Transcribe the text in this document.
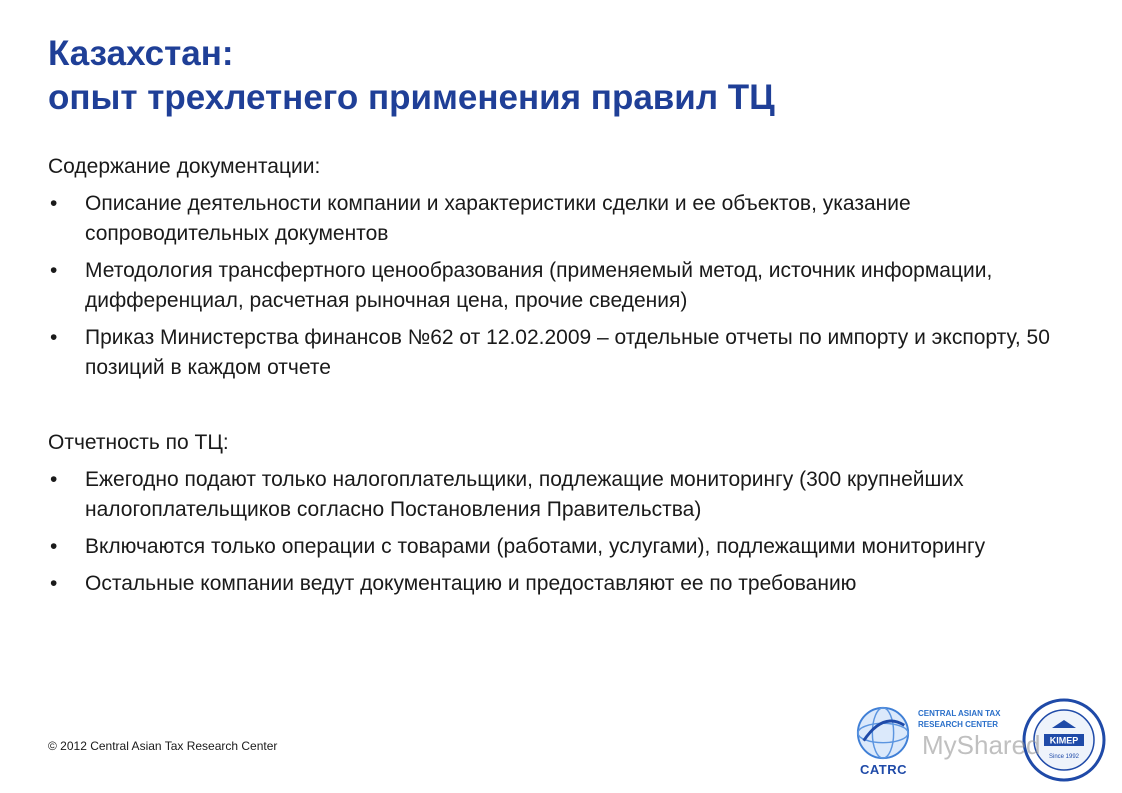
Казахстан:
опыт трехлетнего применения правил ТЦ
Содержание документации:
• Описание деятельности компании и характеристики сделки и ее объектов, указание сопроводительных документов
• Методология трансфертного ценообразования (применяемый метод, источник информации, дифференциал, расчетная рыночная цена, прочие сведения)
• Приказ Министерства финансов №62 от 12.02.2009 – отдельные отчеты по импорту и экспорту, 50 позиций в каждом отчете
Отчетность по ТЦ:
• Ежегодно подают только налогоплательщики, подлежащие мониторингу (300 крупнейших налогоплательщиков согласно Постановления Правительства)
• Включаются только операции с товарами (работами, услугами), подлежащими мониторингу
• Остальные компании ведут документацию и предоставляют ее по требованию
© 2012 Central Asian Tax Research Center
CENTRAL ASIAN TAX RESEARCH CENTER
CATRC
KIMEP
Since 1992
MyShared
